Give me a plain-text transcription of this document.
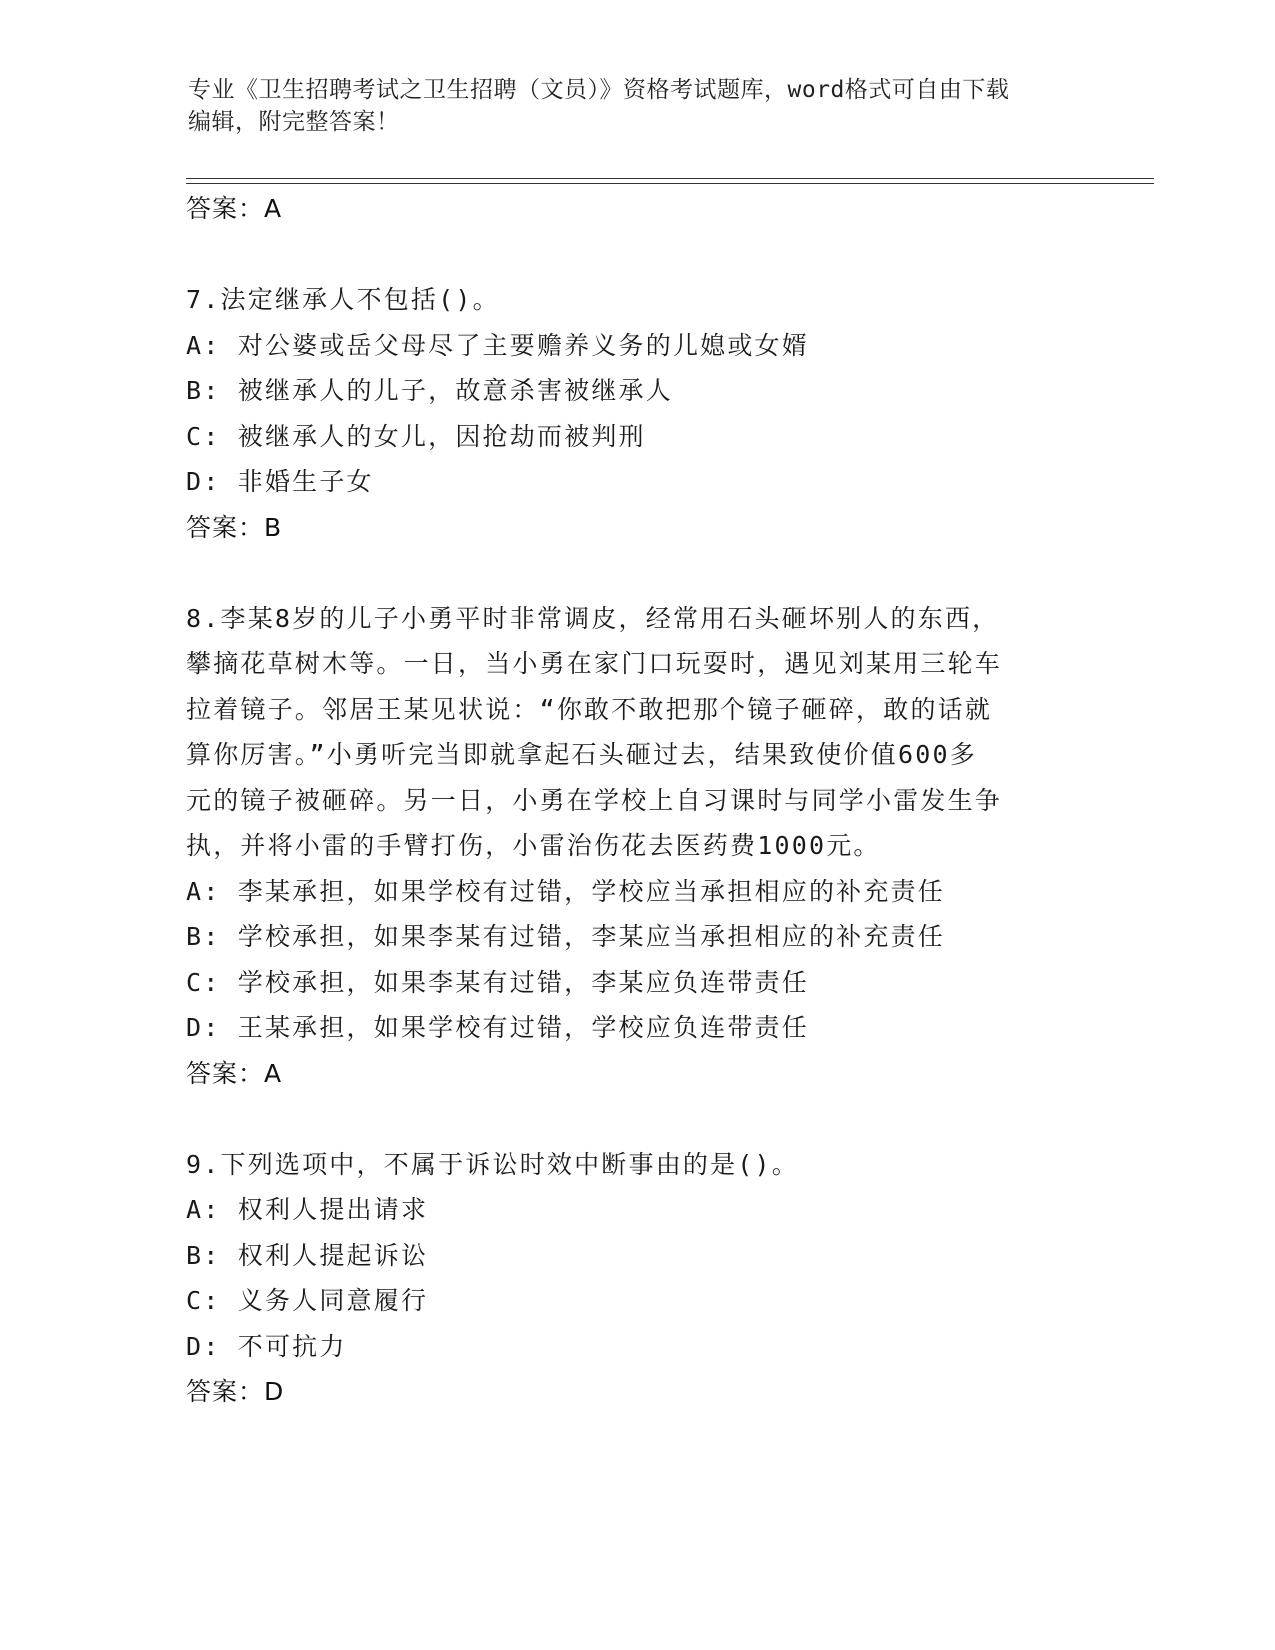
专业《卫生招聘考试之卫生招聘（文员）》资格考试题库，word格式可自由下载
编辑，附完整答案！
答案：A
7.法定继承人不包括()。
A: 对公婆或岳父母尽了主要赡养义务的儿媳或女婿
B: 被继承人的儿子，故意杀害被继承人
C: 被继承人的女儿，因抢劫而被判刑
D: 非婚生子女
答案：B
8.李某8岁的儿子小勇平时非常调皮，经常用石头砸坏别人的东西，
攀摘花草树木等。一日，当小勇在家门口玩耍时，遇见刘某用三轮车
拉着镜子。邻居王某见状说：“你敢不敢把那个镜子砸碎，敢的话就
算你厉害。”小勇听完当即就拿起石头砸过去，结果致使价值600多
元的镜子被砸碎。另一日，小勇在学校上自习课时与同学小雷发生争
执，并将小雷的手臂打伤，小雷治伤花去医药费1000元。
A: 李某承担，如果学校有过错，学校应当承担相应的补充责任
B: 学校承担，如果李某有过错，李某应当承担相应的补充责任
C: 学校承担，如果李某有过错，李某应负连带责任
D: 王某承担，如果学校有过错，学校应负连带责任
答案：A
9.下列选项中，不属于诉讼时效中断事由的是()。
A: 权利人提出请求
B: 权利人提起诉讼
C: 义务人同意履行
D: 不可抗力
答案：D
